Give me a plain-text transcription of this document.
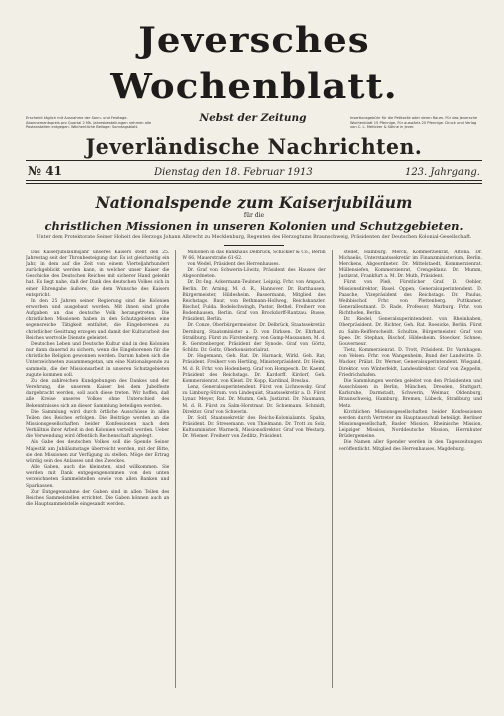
Jeversches Wochenblatt.
Erscheint täglich mit Ausnahme der Sonn- und Festtage. Abonnementspreis pro Quartal 2 Mk. Jahresbestellungen nehmen alle Postanstalten entgegen. Wöchentliche Beilage: Sonntagsblatt.
Nebst der Zeitung	Insertionsgebühr für die Petitzeile oder deren Raum. Für das Jeversche Wochenblatt 15 Pfennige, Für auswärts 20 Pfennige. Druck und Verlag von C. L. Mettcker & Söhne in Jever.
Jeverländische Nachrichten.
№ 41	Dienstag den 18. Februar 1913	123. Jahrgang.
Nationalspende zum Kaiserjubiläum
für die
christlichen Missionen in unseren Kolonien und Schutzgebieten.
Unter dem Protektorate Seiner Hoheit des Herzogs Johann Albrecht zu Mecklenburg, Regenten des Herzogtums Braunschweig, Präsidenten der Deutschen Kolonial-Gesellschaft.

Das Kaiserjubiläumsjahr unseres Kaisers stellt den 25. Jahrestag seit der Thronbesteigung dar. Es ist gleichzeitig ein Jahr, in dem auf die Zeit von einem Vierteljahrhundert zurückgeblickt werden kann, in welcher unser Kaiser die Geschicke des Deutschen Reiches mit sicherer Hand gelenkt hat. Es liegt nahe, daß der Dank des deutschen Volkes sich in einer Ehrengabe äußere, die dem Wunsche des Kaisers entspricht.

In den 25 Jahren seiner Regierung sind die Kolonien erworben und ausgebaut worden. Mit ihnen sind große Aufgaben an das deutsche Volk herangetreten. Die christlichen Missionen haben in den Schutzgebieten eine segensreiche Tätigkeit entfaltet, die Eingeborenen zu christlicher Gesittung erzogen und damit der Kulturarbeit des Reiches wertvolle Dienste geleistet.

Deutsches Leben und Deutsche Kultur sind in den Kolonien nur dann dauernd zu sichern, wenn die Eingeborenen für die christliche Religion gewonnen werden. Darum haben sich die Unterzeichneten zusammengetan, um eine Nationalspende zu sammeln, die der Missionsarbeit in unseren Schutzgebieten zugute kommen soll.

Zu den zahlreichen Kundgebungen des Dankes und der Verehrung, die unserem Kaiser bei dem Jubelfeste dargebracht werden, soll auch diese treten. Wir hoffen, daß alle Kreise unseres Volkes ohne Unterschied des Bekenntnisses sich an dieser Sammlung beteiligen werden.

Die Sammlung wird durch örtliche Ausschüsse in allen Teilen des Reiches erfolgen. Die Beiträge werden an die Missionsgesellschaften beider Konfessionen nach dem Verhältnis ihrer Arbeit in den Kolonien verteilt werden. Ueber die Verwendung wird öffentlich Rechenschaft abgelegt.

Als Gabe des deutschen Volkes soll die Spende Seiner Majestät am Jubiläumstage überreicht werden, mit der Bitte, sie den Missionen zur Verfügung zu stellen. Möge der Ertrag würdig sein des Anlasses und des Zweckes.

Alle Gaben, auch die kleinsten, sind willkommen. Sie werden mit Dank entgegengenommen von den unten verzeichneten Sammelstellen sowie von allen Banken und Sparkassen.

Zur Entgegennahme der Gaben sind in allen Teilen des Reiches Sammelstellen errichtet. Die Gaben können auch an die Hauptsammelstelle eingesandt werden.

Millionen in das Bankhaus Delbrück, Schickler & Co., Berlin W 66, Mauerstraße 61-62.

von Wedel, Präsident des Herrenhauses.

Dr. Graf von Schwerin-Löwitz, Präsident des Hauses der Abgeordneten.

Dr. Dr.-Ing. Ackermann-Teubner, Leipzig. Frhr. von Ampach, Berlin. Dr. Arning, M. d. R., Hannover. Dr. Barthausen, Bürgermeister, Hildesheim. Bassermann, Mitglied des Reichstags. Baur, von Bethmann-Hollweg, Reichskanzler. Bischof, Fulda. Bodelschwingh, Pastor, Bethel. Freiherr von Bodenhausen, Berlin. Graf von Brockdorff-Rantzau. Busse, Präsident, Berlin.

Dr. Conze, Oberbürgermeister. Dr. Delbrück, Staatssekretär. Dernburg, Staatsminister a. D. von Dirksen. Dr. Ehrhard, Straßburg. Fürst zu Fürstenberg. von Gamp-Massaunen, M. d. R. Gerstenberger, Präsident der Synode. Graf von Görtz, Schlitz. Dr. Goltz, Oberkonsistorialrat.

Dr. Hagemann, Geh. Rat. Dr. Harnack, Wirkl. Geh. Rat, Präsident. Freiherr von Hertling, Ministerpräsident. Dr. Heim, M. d. R. Frhr. von Hodenberg. Graf von Hompesch. Dr. Kaemf, Präsident des Reichstags. Dr. Kardorff. Kirdorf, Geh. Kommerzienrat. von Kleist. Dr. Kopp, Kardinal, Breslau.

Lenz, Generalsuperintendent. Fürst von Lichnowsky. Graf zu Limburg-Stirum. von Lindequist, Staatssekretär a. D. Fürst Lynar. Meyer, Rat. Dr. Mumm, Geh. Justizrat. Dr. Naumann, M. d. R. Fürst zu Salm-Horstmar. Dr. Schiemann. Schmidt, Direktor. Graf von Schwerin.

Dr. Solf, Staatssekretär des Reichs-Kolonialamts. Spahn, Präsident. Dr. Stresemann. von Thielmann. Dr. Trott zu Solz, Kultusminister. Warneck, Missionsdirektor. Graf von Westarp. Dr. Wiemer. Freiherr von Zedlitz, Präsident.

stellet, Hamburg. Merck, Kommerzienrat, Altona. Dr. Michaelis, Unterstaatssekretär im Finanzministerium, Berlin. Merckens, Abgeordneter. Dr. Mittelstaedt, Kommerzienrat. Müllensiefen, Kommerzienrat, Crengeldanz. Dr. Mumm, Justizrat, Frankfurt a. M. Dr. Muth, Präsident.

Fürst von Pleß, Fürstlicher Graf. D. Oehler, Missionsdirektor, Basel. Oppen, Generalsuperintendent. D. Paasche, Vizepräsident des Reichstags. Dr. Paulus, Weihbischof. Frhr. von Plettenberg. Puttkamer, Generalleutnant. D. Rade, Professor, Marburg. Frhr. von Richthofen, Berlin.

Dr. Riedel, Generalsuperintendent. von Rheinbaben, Oberpräsident. Dr. Richter, Geh. Rat. Roesicke, Berlin. Fürst zu Salm-Reifferscheidt. Schultze, Bürgermeister. Graf von Spee. Dr. Stephan, Bischof, Hildesheim. Stoecker. Schnee, Gouverneur.

Tietz, Kommerzienrat. D. Trott, Präsident. Dr. Varnhagen. von Velsen. Frhr. von Wangenheim, Bund der Landwirte. D. Wacker, Prälat. Dr. Werner, Generalsuperintendent. Wiegand, Direktor. von Winterfeldt, Landesdirektor. Graf von Zeppelin, Friedrichshafen.

Die Sammlungen werden geleitet von den Präsidenten und Ausschüssen in Berlin, München, Dresden, Stuttgart, Karlsruhe, Darmstadt, Schwerin, Weimar, Oldenburg, Braunschweig, Hamburg, Bremen, Lübeck, Straßburg und Metz.

Kirchlichen Missionsgesellschaften beider Konfessionen werden durch Vertreter im Hauptausschuß beteiligt. Berliner Missionsgesellschaft, Basler Mission, Rheinische Mission, Leipziger Mission, Norddeutsche Mission, Herrnhuter Brüdergemeine.

Die Namen aller Spender werden in den Tageszeitungen veröffentlicht. Mitglied des Herrenhauses, Magdeburg.
